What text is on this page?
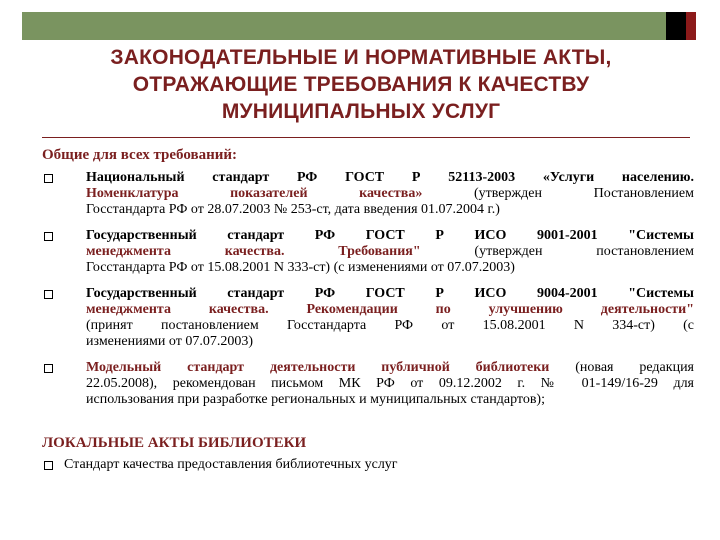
ЗАКОНОДАТЕЛЬНЫЕ И НОРМАТИВНЫЕ АКТЫ,
ОТРАЖАЮЩИЕ ТРЕБОВАНИЯ К КАЧЕСТВУ
МУНИЦИПАЛЬНЫХ УСЛУГ
Общие для всех требований:
Национальный стандарт РФ ГОСТ Р 52113-2003 «Услуги населению.
Номенклатура показателей качества» (утвержден Постановлением
Госстандарта РФ от 28.07.2003 № 253-ст, дата введения 01.07.2004 г.)
Государственный стандарт РФ ГОСТ Р ИСО 9001-2001 "Системы
менеджмента качества. Требования" (утвержден постановлением
Госстандарта РФ от 15.08.2001 N 333-ст) (с изменениями от 07.07.2003)
Государственный стандарт РФ ГОСТ Р ИСО 9004-2001 "Системы
менеджмента качества. Рекомендации по улучшению деятельности"
(принят постановлением Госстандарта РФ от 15.08.2001 N 334-ст) (с
изменениями от 07.07.2003)
Модельный стандарт деятельности публичной библиотеки (новая редакция
22.05.2008), рекомендован письмом МК РФ от 09.12.2002 г. № 01-149/16-29 для
использования при разработке региональных и муниципальных стандартов);
ЛОКАЛЬНЫЕ АКТЫ БИБЛИОТЕКИ
Стандарт качества предоставления библиотечных услуг
